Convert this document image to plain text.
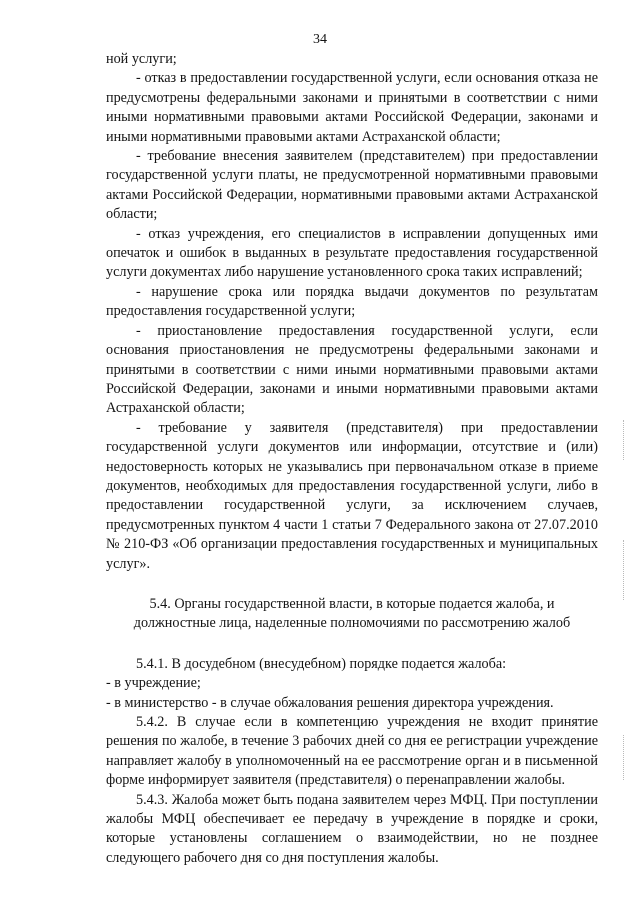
34

ной услуги;

- отказ в предоставлении государственной услуги, если основания отказа не предусмотрены федеральными законами и принятыми в соответствии с ними иными нормативными правовыми актами Российской Федерации, законами и иными нормативными правовыми актами Астраханской области;

- требование внесения заявителем (представителем) при предоставлении государственной услуги платы, не предусмотренной нормативными правовыми актами Российской Федерации, нормативными правовыми актами Астраханской области;

- отказ учреждения, его специалистов в исправлении допущенных ими опечаток и ошибок в выданных в результате предоставления государственной услуги документах либо нарушение установленного срока таких исправлений;

- нарушение срока или порядка выдачи документов по результатам предоставления государственной услуги;

- приостановление предоставления государственной услуги, если основания приостановления не предусмотрены федеральными законами и принятыми в соответствии с ними иными нормативными правовыми актами Российской Федерации, законами и иными нормативными правовыми актами Астраханской области;

- требование у заявителя (представителя) при предоставлении государственной услуги документов или информации, отсутствие и (или) недостоверность которых не указывались при первоначальном отказе в приеме документов, необходимых для предоставления государственной услуги, либо в предоставлении государственной услуги, за исключением случаев, предусмотренных пунктом 4 части 1 статьи 7 Федерального закона от 27.07.2010 № 210-ФЗ «Об организации предоставления государственных и муниципальных услуг».

5.4. Органы государственной власти, в которые подается жалоба, и должностные лица, наделенные полномочиями по рассмотрению жалоб

5.4.1. В досудебном (внесудебном) порядке подается жалоба:

- в учреждение;

- в министерство - в случае обжалования решения директора учреждения.

5.4.2. В случае если в компетенцию учреждения не входит принятие решения по жалобе, в течение 3 рабочих дней со дня ее регистрации учреждение направляет жалобу в уполномоченный на ее рассмотрение орган и в письменной форме информирует заявителя (представителя) о перенаправлении жалобы.

5.4.3. Жалоба может быть подана заявителем через МФЦ. При поступлении жалобы МФЦ обеспечивает ее передачу в учреждение в порядке и сроки, которые установлены соглашением о взаимодействии, но не позднее следующего рабочего дня со дня поступления жалобы.
